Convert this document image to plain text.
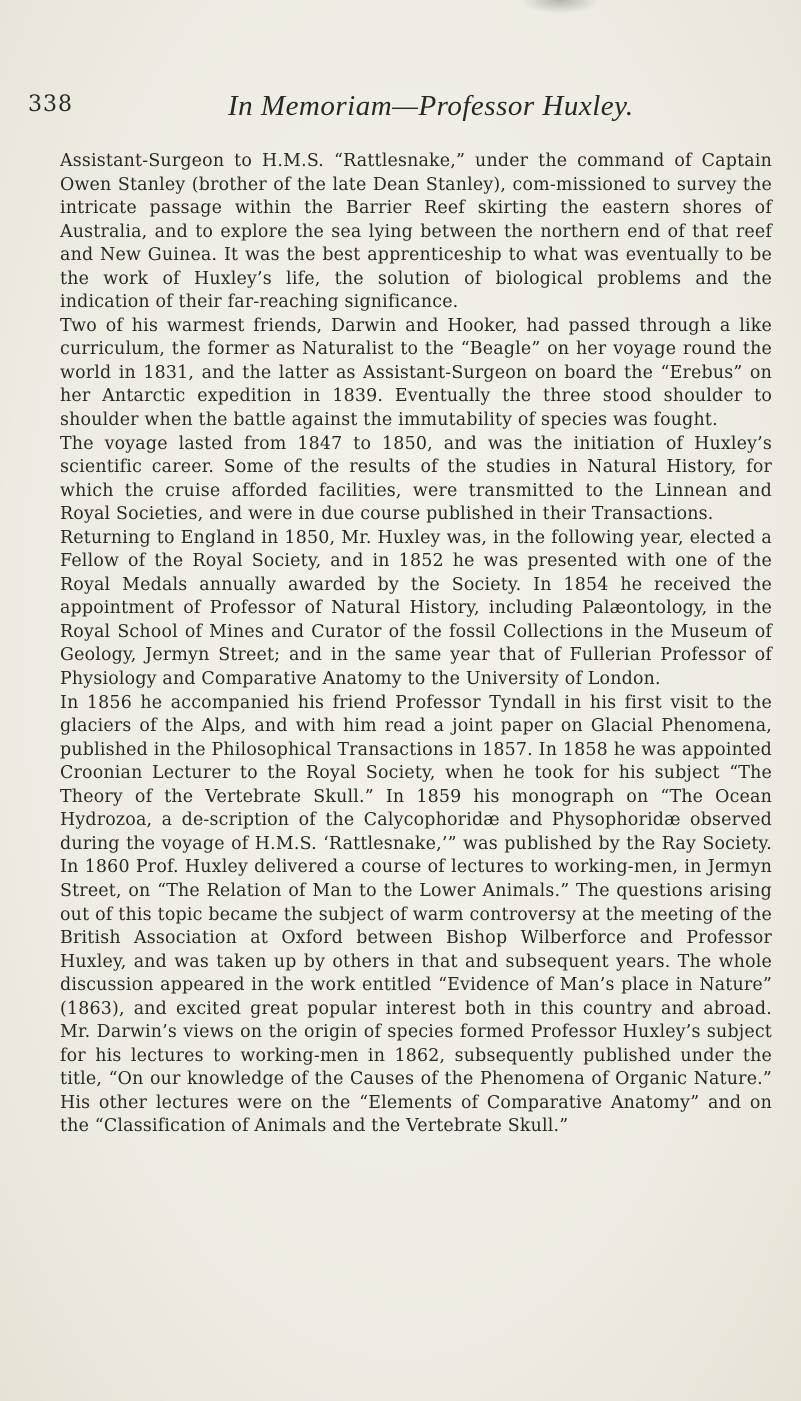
338	In Memoriam—Professor Huxley.

Assistant-Surgeon to H.M.S. “Rattlesnake,” under the command of Captain Owen Stanley (brother of the late Dean Stanley), com-missioned to survey the intricate passage within the Barrier Reef skirting the eastern shores of Australia, and to explore the sea lying between the northern end of that reef and New Guinea. It was the best apprenticeship to what was eventually to be the work of Huxley’s life, the solution of biological problems and the indication of their far-reaching significance.

Two of his warmest friends, Darwin and Hooker, had passed through a like curriculum, the former as Naturalist to the “Beagle” on her voyage round the world in 1831, and the latter as Assistant-Surgeon on board the “Erebus” on her Antarctic expedition in 1839. Eventually the three stood shoulder to shoulder when the battle against the immutability of species was fought.

The voyage lasted from 1847 to 1850, and was the initiation of Huxley’s scientific career. Some of the results of the studies in Natural History, for which the cruise afforded facilities, were transmitted to the Linnean and Royal Societies, and were in due course published in their Transactions.

Returning to England in 1850, Mr. Huxley was, in the following year, elected a Fellow of the Royal Society, and in 1852 he was presented with one of the Royal Medals annually awarded by the Society. In 1854 he received the appointment of Professor of Natural History, including Palæontology, in the Royal School of Mines and Curator of the fossil Collections in the Museum of Geology, Jermyn Street; and in the same year that of Fullerian Professor of Physiology and Comparative Anatomy to the University of London.

In 1856 he accompanied his friend Professor Tyndall in his first visit to the glaciers of the Alps, and with him read a joint paper on Glacial Phenomena, published in the Philosophical Transactions in 1857. In 1858 he was appointed Croonian Lecturer to the Royal Society, when he took for his subject “The Theory of the Vertebrate Skull.” In 1859 his monograph on “The Ocean Hydrozoa, a de-scription of the Calycophoridæ and Physophoridæ observed during the voyage of H.M.S. ‘Rattlesnake,’” was published by the Ray Society. In 1860 Prof. Huxley delivered a course of lectures to working-men, in Jermyn Street, on “The Relation of Man to the Lower Animals.” The questions arising out of this topic became the subject of warm controversy at the meeting of the British Association at Oxford between Bishop Wilberforce and Professor Huxley, and was taken up by others in that and subsequent years. The whole discussion appeared in the work entitled “Evidence of Man’s place in Nature” (1863), and excited great popular interest both in this country and abroad. Mr. Darwin’s views on the origin of species formed Professor Huxley’s subject for his lectures to working-men in 1862, subsequently published under the title, “On our knowledge of the Causes of the Phenomena of Organic Nature.” His other lectures were on the “Elements of Comparative Anatomy” and on the “Classification of Animals and the Vertebrate Skull.”
